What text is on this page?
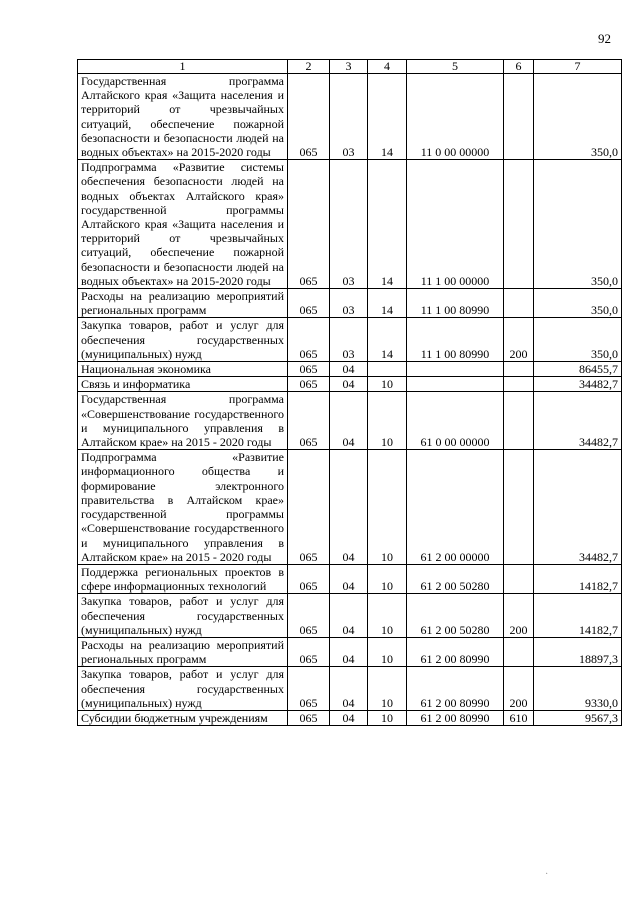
92
1	2	3	4	5	6	7
Государственная программа Алтайского края «Защита населения и территорий от чрезвычайных ситуаций, обеспечение пожарной безопасности и безопасности людей на водных объектах» на 2015-2020 годы	065	03	14	11 0 00 00000		350,0
Подпрограмма «Развитие системы обеспечения безопасности людей на водных объектах Алтайского края» государственной программы Алтайского края «Защита населения и территорий от чрезвычайных ситуаций, обеспечение пожарной безопасности и безопасности людей на водных объектах» на 2015-2020 годы	065	03	14	11 1 00 00000		350,0
Расходы на реализацию мероприятий региональных программ	065	03	14	11 1 00 80990		350,0
Закупка товаров, работ и услуг для обеспечения государственных (муниципальных) нужд	065	03	14	11 1 00 80990	200	350,0
Национальная экономика	065	04				86455,7
Связь и информатика	065	04	10			34482,7
Государственная программа «Совершенствование государственного и муниципального управления в Алтайском крае» на 2015 - 2020 годы	065	04	10	61 0 00 00000		34482,7
Подпрограмма «Развитие информационного общества и формирование электронного правительства в Алтайском крае» государственной программы «Совершенствование государственного и муниципального управления в Алтайском крае» на 2015 - 2020 годы	065	04	10	61 2 00 00000		34482,7
Поддержка региональных проектов в сфере информационных технологий	065	04	10	61 2 00 50280		14182,7
Закупка товаров, работ и услуг для обеспечения государственных (муниципальных) нужд	065	04	10	61 2 00 50280	200	14182,7
Расходы на реализацию мероприятий региональных программ	065	04	10	61 2 00 80990		18897,3
Закупка товаров, работ и услуг для обеспечения государственных (муниципальных) нужд	065	04	10	61 2 00 80990	200	9330,0
Субсидии бюджетным учреждениям	065	04	10	61 2 00 80990	610	9567,3
·
